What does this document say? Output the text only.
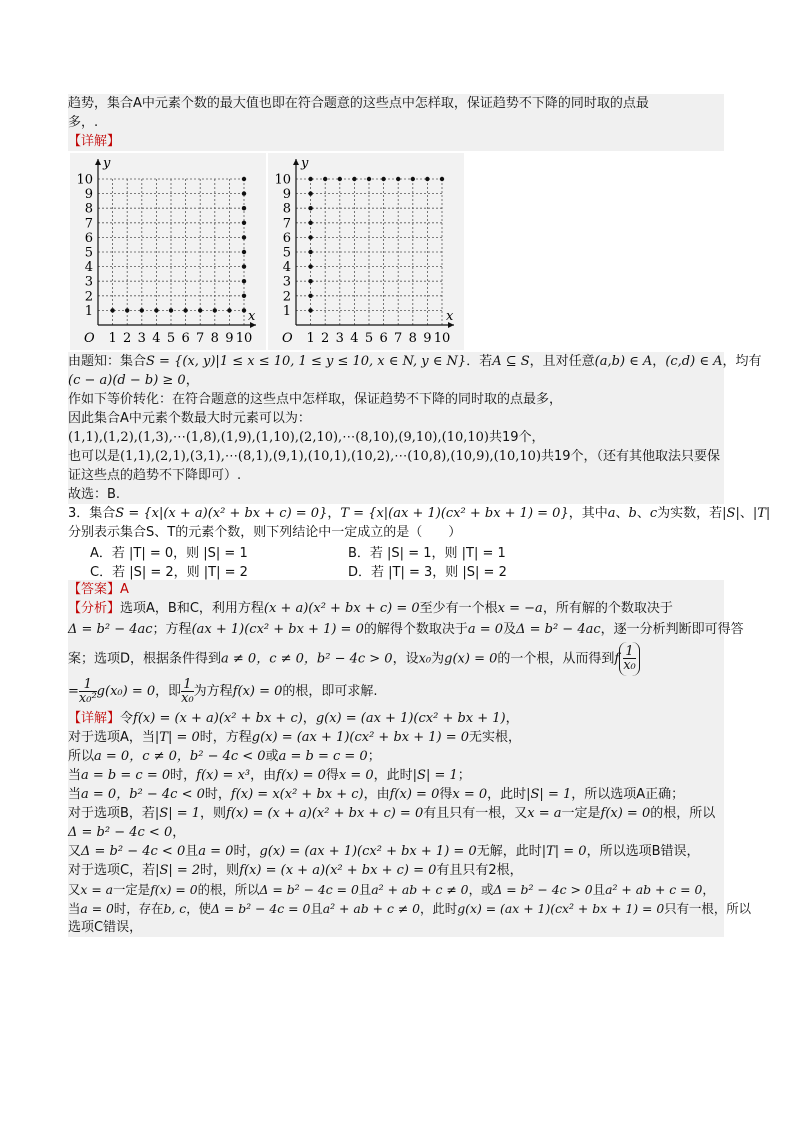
趋势，集合A中元素个数的最大值也即在符合题意的这些点中怎样取，保证趋势不下降的同时取的点最
多，.
【详解】
1
1
2
2
3
3
4
4
5
5
6
6
7
7
8
8
9
9
10
10
O
x
y
1
1
2
2
3
3
4
4
5
5
6
6
7
7
8
8
9
9
10
10
O
x
y
由题知：集合S = {(x, y)|1 ≤ x ≤ 10, 1 ≤ y ≤ 10, x ∈ N, y ∈ N}．若A ⊆ S，且对任意(a,b) ∈ A，(c,d) ∈ A，均有
(c − a)(d − b) ≥ 0，
作如下等价转化：在符合题意的这些点中怎样取，保证趋势不下降的同时取的点最多，
因此集合A中元素个数最大时元素可以为：
(1,1),(1,2),(1,3),⋯(1,8),(1,9),(1,10),(2,10),⋯(8,10),(9,10),(10,10)共19个，
也可以是(1,1),(2,1),(3,1),⋯(8,1),(9,1),(10,1),(10,2),⋯(10,8),(10,9),(10,10)共19个，（还有其他取法只要保
证这些点的趋势不下降即可）.
故选：B.
3．集合S = {x|(x + a)(x² + bx + c) = 0}，T = {x|(ax + 1)(cx² + bx + 1) = 0}，其中a、b、c为实数，若|S|、|T|
分别表示集合S、T的元素个数，则下列结论中一定成立的是（　　）
A．若 |T| = 0，则 |S| = 1	B．若 |S| = 1，则 |T| = 1
C．若 |S| = 2，则 |T| = 2	D．若 |T| = 3，则 |S| = 2
【答案】A
【分析】选项A，B和C，利用方程(x + a)(x² + bx + c) = 0至少有一个根x = −a，所有解的个数取决于
Δ = b² − 4ac；方程(ax + 1)(cx² + bx + 1) = 0的解得个数取决于a = 0及Δ = b² − 4ac，逐一分析判断即可得答
案；选项D，根据条件得到a ≠ 0，c ≠ 0，b² − 4c > 0，设x₀为g(x) = 0的一个根，从而得到f $\frac{1}{\text{x₀}}$
= $\frac{1}{\text{x₀²}} g(x_0) = 0$，即 $\frac{1}{\text{x₀}}$ 为方程f(x) = 0的根，即可求解.
【详解】令f(x) = (x + a)(x² + bx + c)，g(x) = (ax + 1)(cx² + bx + 1)，
对于选项A，当|T| = 0时，方程g(x) = (ax + 1)(cx² + bx + 1) = 0无实根，
所以a = 0，c ≠ 0，b² − 4c < 0或a = b = c = 0；
当a = b = c = 0时，f(x) = x³，由f(x) = 0得x = 0，此时|S| = 1；
当a = 0，b² − 4c < 0时，f(x) = x(x² + bx + c)，由f(x) = 0得x = 0，此时|S| = 1，所以选项A正确；
对于选项B，若|S| = 1，则f(x) = (x + a)(x² + bx + c) = 0有且只有一根，又x = a一定是f(x) = 0的根，所以
Δ = b² − 4c < 0，
又Δ = b² − 4c < 0且a = 0时，g(x) = (ax + 1)(cx² + bx + 1) = 0无解，此时|T| = 0，所以选项B错误，
对于选项C，若|S| = 2时，则f(x) = (x + a)(x² + bx + c) = 0有且只有2根，
又x = a一定是f(x) = 0的根，所以Δ = b² − 4c = 0且a² + ab + c ≠ 0，或Δ = b² − 4c > 0且a² + ab + c = 0，
当a = 0时，存在b, c，使Δ = b² − 4c = 0且a² + ab + c ≠ 0，此时g(x) = (ax + 1)(cx² + bx + 1) = 0只有一根，所以
选项C错误，
